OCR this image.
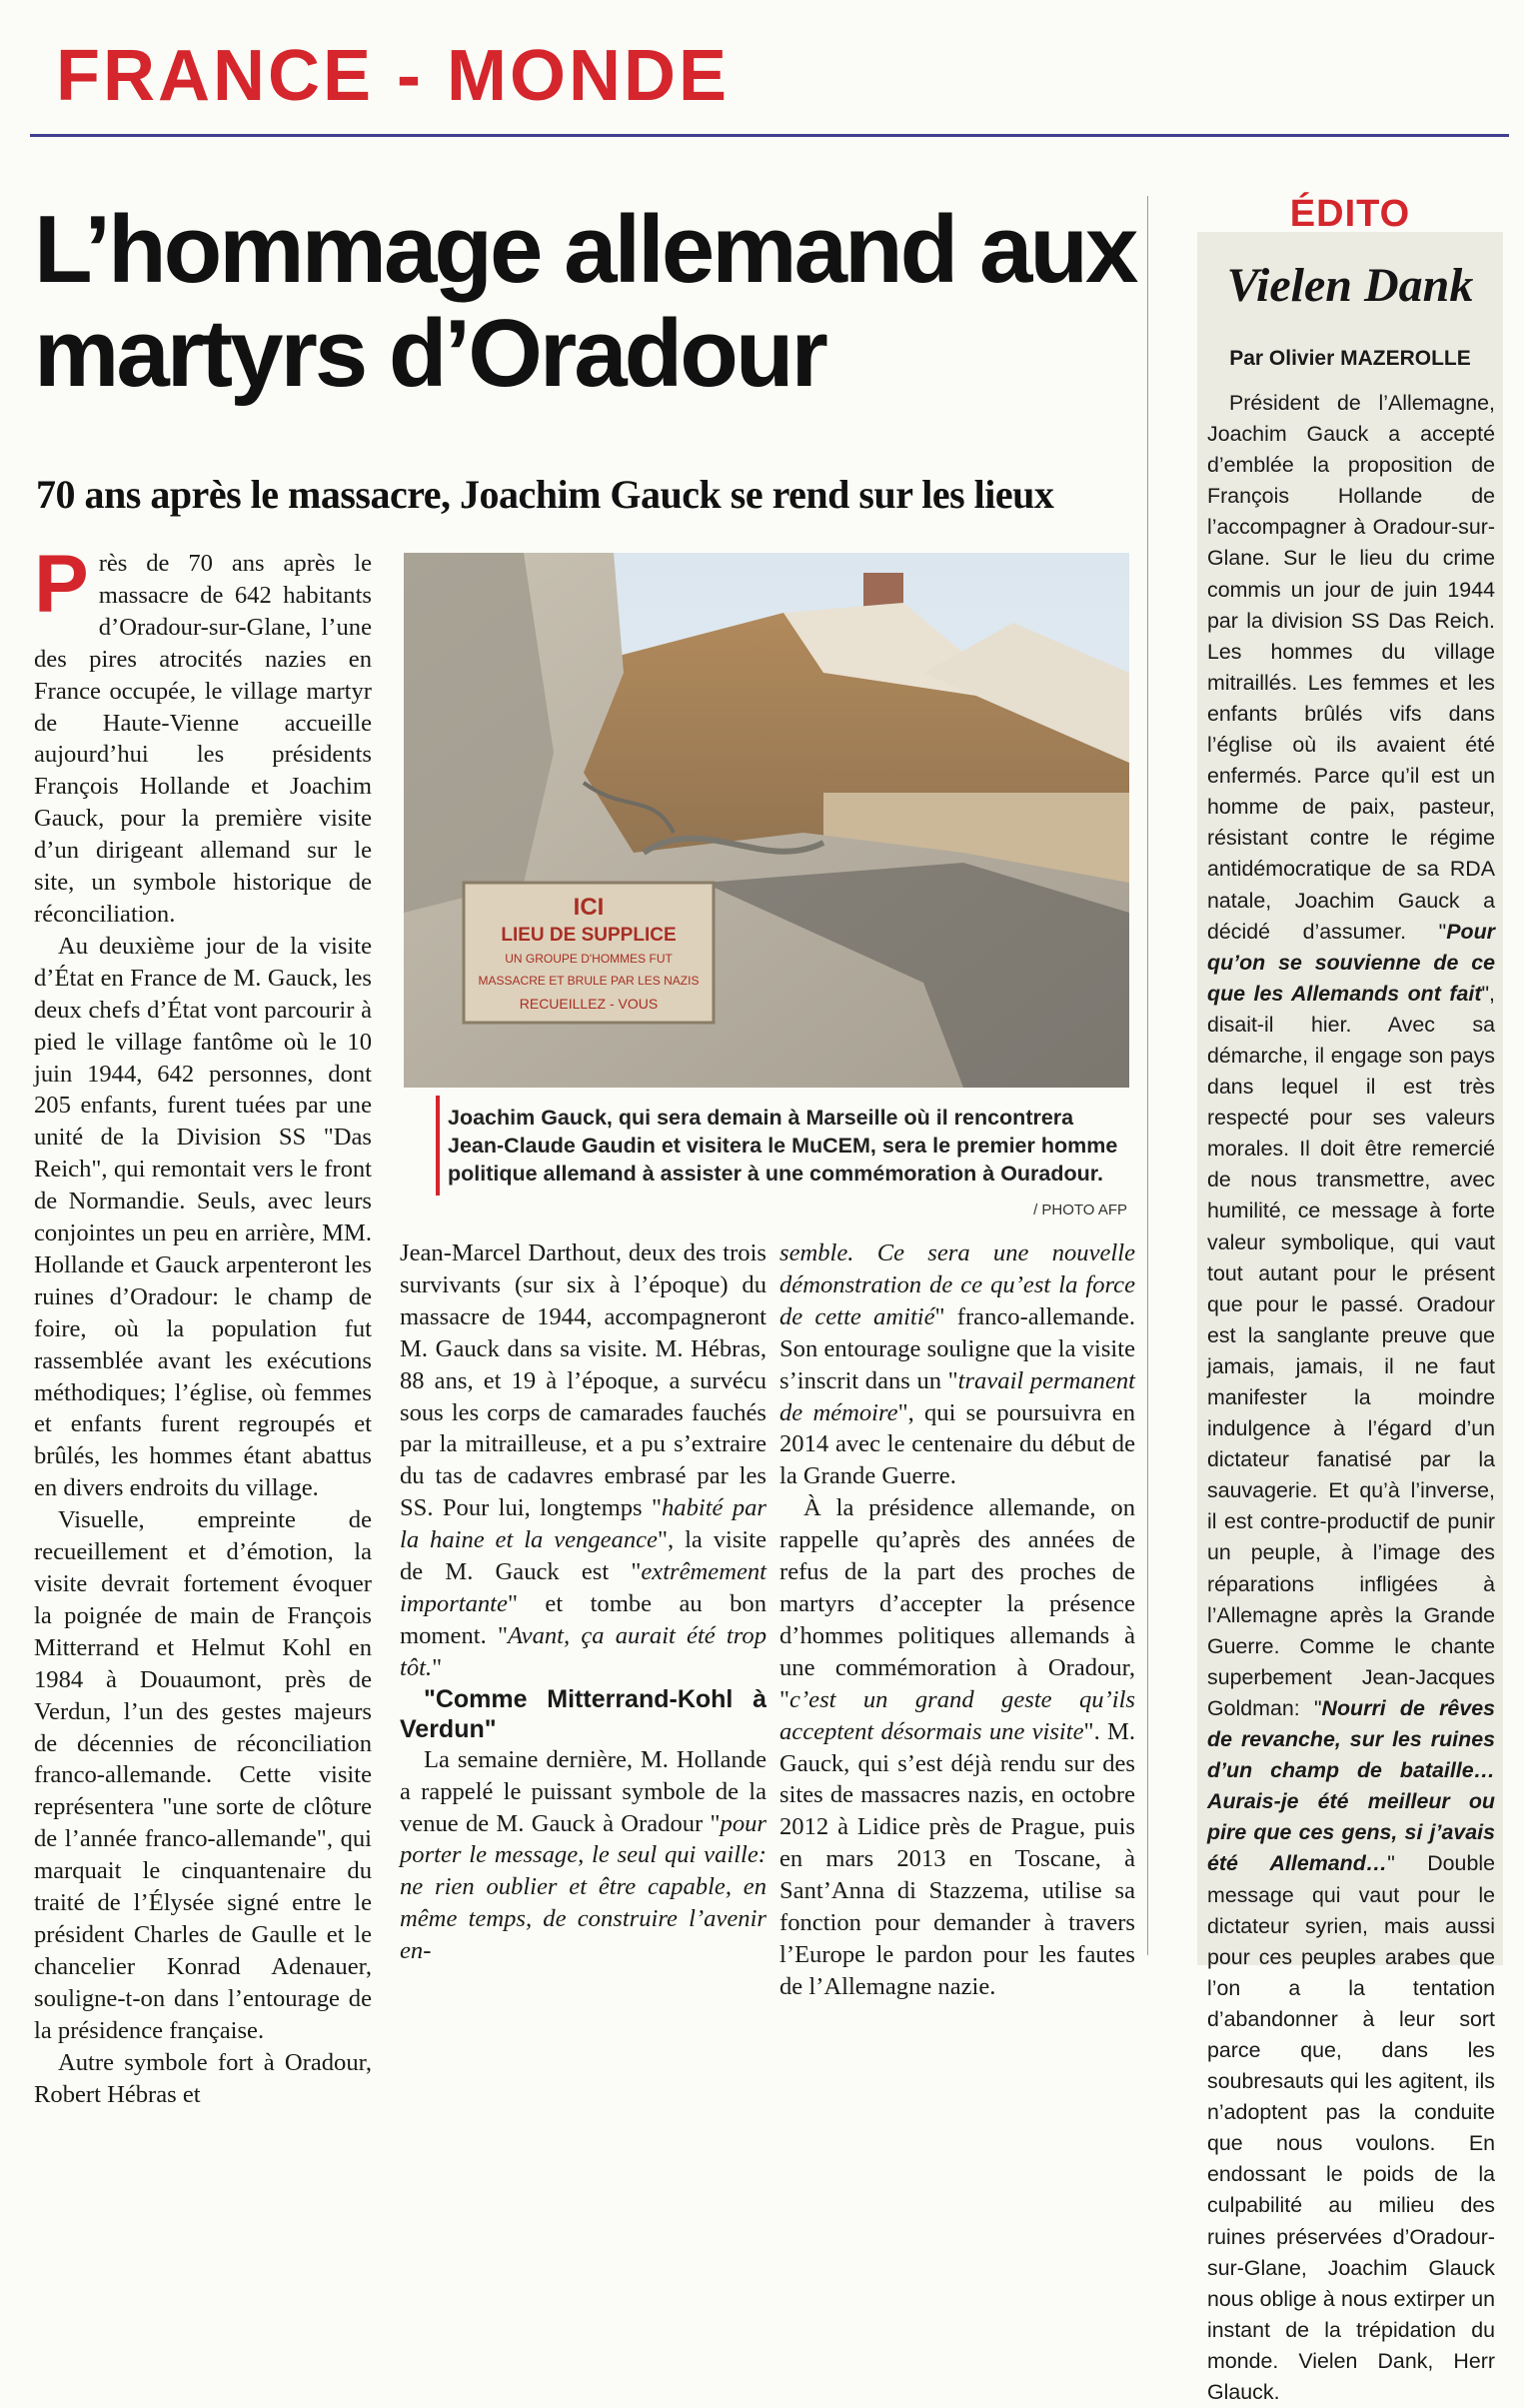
FRANCE - MONDE
L’hommage allemand aux martyrs d’Oradour
70 ans après le massacre, Joachim Gauck se rend sur les lieux

Près de 70 ans après le massacre de 642 habitants d’Oradour-sur-Glane, l’une des pires atrocités nazies en France occupée, le village martyr de Haute-Vienne accueille aujourd’hui les présidents François Hollande et Joachim Gauck, pour la première visite d’un dirigeant allemand sur le site, un symbole historique de réconciliation.

Au deuxième jour de la visite d’État en France de M. Gauck, les deux chefs d’État vont parcourir à pied le village fantôme où le 10 juin 1944, 642 personnes, dont 205 enfants, furent tuées par une unité de la Division SS "Das Reich", qui remontait vers le front de Normandie. Seuls, avec leurs conjointes un peu en arrière, MM. Hollande et Gauck arpenteront les ruines d’Oradour: le champ de foire, où la population fut rassemblée avant les exécutions méthodiques; l’église, où femmes et enfants furent regroupés et brûlés, les hommes étant abattus en divers endroits du village.

Visuelle, empreinte de recueillement et d’émotion, la visite devrait fortement évoquer la poignée de main de François Mitterrand et Helmut Kohl en 1984 à Douaumont, près de Verdun, l’un des gestes majeurs de décennies de réconciliation franco-allemande. Cette visite représentera "une sorte de clôture de l’année franco-allemande", qui marquait le cinquantenaire du traité de l’Élysée signé entre le président Charles de Gaulle et le chancelier Konrad Adenauer, souligne-t-on dans l’entourage de la présidence française.

Autre symbole fort à Oradour, Robert Hébras et

ICI
LIEU DE SUPPLICE
UN GROUPE D'HOMMES FUT
MASSACRE ET BRULE PAR LES NAZIS
RECUEILLEZ - VOUS
Joachim Gauck, qui sera demain à Marseille où il rencontrera Jean-Claude Gaudin et visitera le MuCEM, sera le premier homme politique allemand à assister à une commémoration à Ouradour.
/ PHOTO AFP

Jean-Marcel Darthout, deux des trois survivants (sur six à l’époque) du massacre de 1944, accompagneront M. Gauck dans sa visite. M. Hébras, 88 ans, et 19 à l’époque, a survécu sous les corps de camarades fauchés par la mitrailleuse, et a pu s’extraire du tas de cadavres embrasé par les SS. Pour lui, longtemps "habité par la haine et la vengeance", la visite de M. Gauck est "extrêmement importante" et tombe au bon moment. "Avant, ça aurait été trop tôt."

"Comme Mitterrand-Kohl à Verdun"

La semaine dernière, M. Hollande a rappelé le puissant symbole de la venue de M. Gauck à Oradour "pour porter le message, le seul qui vaille: ne rien oublier et être capable, en même temps, de construire l’avenir en-

semble. Ce sera une nouvelle démonstration de ce qu’est la force de cette amitié" franco-allemande. Son entourage souligne que la visite s’inscrit dans un "travail permanent de mémoire", qui se poursuivra en 2014 avec le centenaire du début de la Grande Guerre.

À la présidence allemande, on rappelle qu’après des années de refus de la part des proches de martyrs d’accepter la présence d’hommes politiques allemands à une commémoration à Oradour, "c’est un grand geste qu’ils acceptent désormais une visite". M. Gauck, qui s’est déjà rendu sur des sites de massacres nazis, en octobre 2012 à Lidice près de Prague, puis en mars 2013 en Toscane, à Sant’Anna di Stazzema, utilise sa fonction pour demander à travers l’Europe le pardon pour les fautes de l’Allemagne nazie.

ÉDITO
Vielen Dank
Par Olivier MAZEROLLE

Président de l’Allemagne, Joachim Gauck a accepté d’emblée la proposition de François Hollande de l’accompagner à Oradour-sur-Glane. Sur le lieu du crime commis un jour de juin 1944 par la division SS Das Reich. Les hommes du village mitraillés. Les femmes et les enfants brûlés vifs dans l’église où ils avaient été enfermés. Parce qu’il est un homme de paix, pasteur, résistant contre le régime antidémocratique de sa RDA natale, Joachim Gauck a décidé d’assumer. "Pour qu’on se souvienne de ce que les Allemands ont fait", disait-il hier. Avec sa démarche, il engage son pays dans lequel il est très respecté pour ses valeurs morales. Il doit être remercié de nous transmettre, avec humilité, ce message à forte valeur symbolique, qui vaut tout autant pour le présent que pour le passé. Oradour est la sanglante preuve que jamais, jamais, il ne faut manifester la moindre indulgence à l’égard d’un dictateur fanatisé par la sauvagerie. Et qu’à l’inverse, il est contre-productif de punir un peuple, à l’image des réparations infligées à l’Allemagne après la Grande Guerre. Comme le chante superbement Jean-Jacques Goldman: "Nourri de rêves de revanche, sur les ruines d’un champ de bataille… Aurais-je été meilleur ou pire que ces gens, si j’avais été Allemand…" Double message qui vaut pour le dictateur syrien, mais aussi pour ces peuples arabes que l’on a la tentation d’abandonner à leur sort parce que, dans les soubresauts qui les agitent, ils n’adoptent pas la conduite que nous voulons. En endossant le poids de la culpabilité au milieu des ruines préservées d’Oradour-sur-Glane, Joachim Glauck nous oblige à nous extirper un instant de la trépidation du monde. Vielen Dank, Herr Glauck.
